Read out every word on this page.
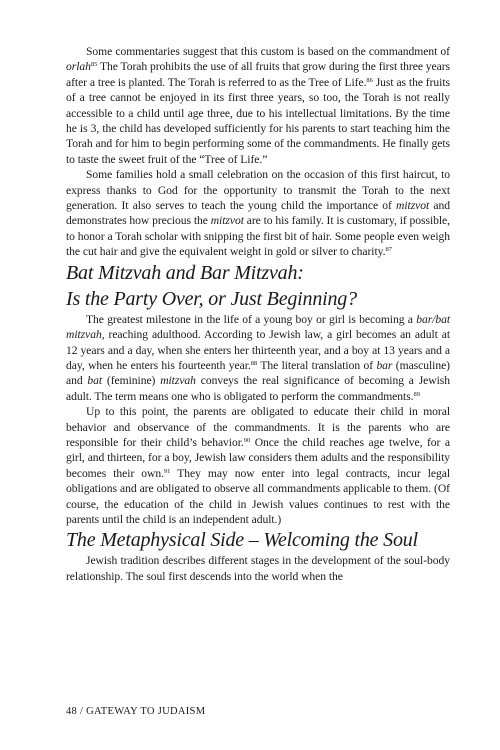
Some commentaries suggest that this custom is based on the commandment of orlah$^{85}$ The Torah prohibits the use of all fruits that grow during the first three years after a tree is planted. The Torah is referred to as the Tree of Life.$^{86}$ Just as the fruits of a tree cannot be enjoyed in its first three years, so too, the Torah is not really accessible to a child until age three, due to his intellectual limitations. By the time he is 3, the child has developed sufficiently for his parents to start teaching him the Torah and for him to begin performing some of the commandments. He finally gets to taste the sweet fruit of the “Tree of Life.”

Some families hold a small celebration on the occasion of this first haircut, to express thanks to God for the opportunity to transmit the Torah to the next generation. It also serves to teach the young child the importance of mitzvot and demonstrates how precious the mitzvot are to his family. It is customary, if possible, to honor a Torah scholar with snipping the first bit of hair. Some people even weigh the cut hair and give the equivalent weight in gold or silver to charity.$^{87}$

Bat Mitzvah and Bar Mitzvah:
Is the Party Over, or Just Beginning?

The greatest milestone in the life of a young boy or girl is becoming a bar/bat mitzvah, reaching adulthood. According to Jewish law, a girl becomes an adult at 12 years and a day, when she enters her thirteenth year, and a boy at 13 years and a day, when he enters his fourteenth year.$^{88}$ The literal translation of bar (masculine) and bat (feminine) mitzvah conveys the real significance of becoming a Jewish adult. The term means one who is obligated to perform the commandments.$^{89}$

Up to this point, the parents are obligated to educate their child in moral behavior and observance of the commandments. It is the parents who are responsible for their child’s behavior.$^{90}$ Once the child reaches age twelve, for a girl, and thirteen, for a boy, Jewish law considers them adults and the responsibility becomes their own.$^{91}$ They may now enter into legal contracts, incur legal obligations and are obligated to observe all commandments applicable to them. (Of course, the education of the child in Jewish values continues to rest with the parents until the child is an independent adult.)

The Metaphysical Side – Welcoming the Soul

Jewish tradition describes different stages in the development of the soul-body relationship. The soul first descends into the world when the

48 / GATEWAY TO JUDAISM
